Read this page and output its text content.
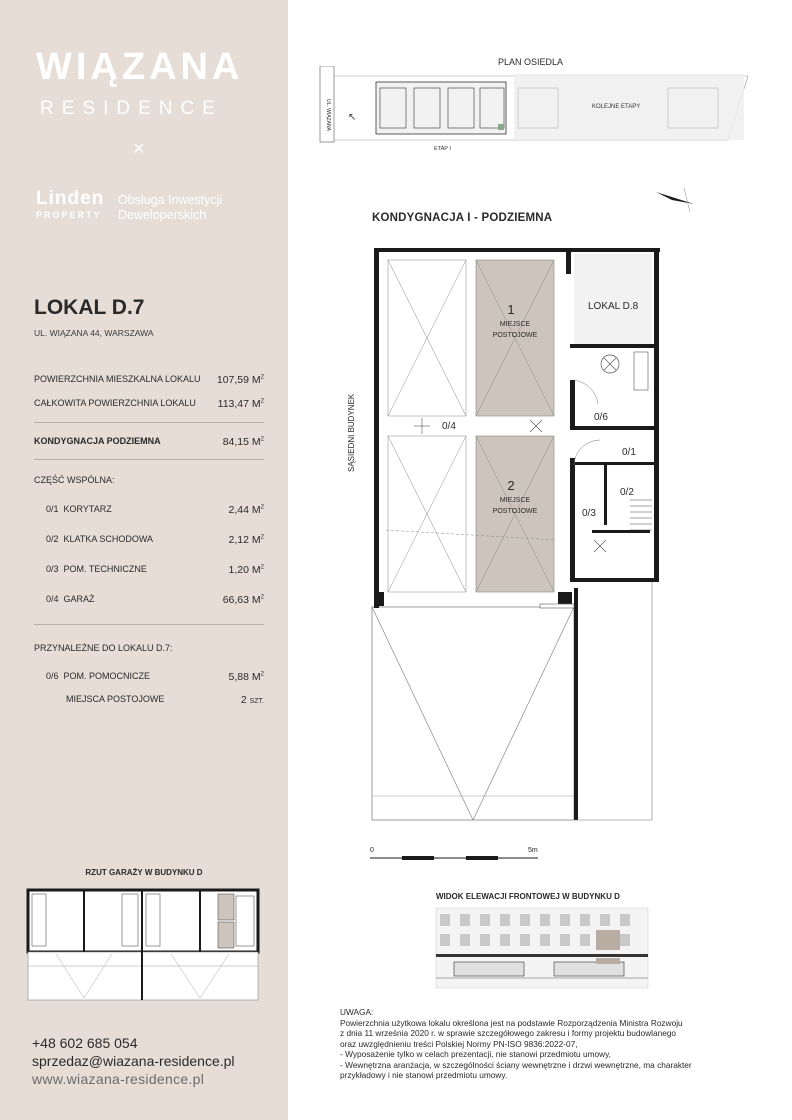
WIĄZANA
RESIDENCE
×
Linden
PROPERTY
Obsługa Inwestycji
Deweloperskich
LOKAL D.7
UL. WIĄZANA 44, WARSZAWA
POWIERZCHNIA MIESZKALNA LOKALU 107,59 $M^2$
CAŁKOWITA POWIERZCHNIA LOKALU 113,47 $M^2$
KONDYGNACJA PODZIEMNA	84,15 $M^2$
CZĘŚĆ WSPÓLNA:
0/1 KORYTARZ	2,44 $M^2$
0/2 KLATKA SCHODOWA	2,12 $M^2$
0/3 POM. TECHNICZNE	1,20 $M^2$
0/4 GARAŻ	66,63 $M^2$
PRZYNALEŻNE DO LOKALU D.7:
0/6 POM. POMOCNICZE	5,88 $M^2$
MIEJSCA POSTOJOWE	2 SZT.
RZUT GARAŻY W BUDYNKU D
+48 602 685 054
sprzedaz@wiazana-residence.pl
www.wiazana-residence.pl
PLAN OSIEDLA
UL. WIĄZANA	KOLEJNE ETAPY
ETAP I
↖
KONDYGNACJA I - PODZIEMNA
SĄSIEDNI BUDYNEK
LOKAL D.8
1
MIEJSCE
POSTOJOWE
2
MIEJSCE
POSTOJOWE
0/4
0/6
0/1
0/2
0/3
0	5m
WIDOK ELEWACJI FRONTOWEJ W BUDYNKU D
UWAGA:
Powierzchnia użytkowa lokalu określona jest na podstawie Rozporządzenia Ministra Rozwoju
z dnia 11 września 2020 r. w sprawie szczegółowego zakresu i formy projektu budowlanego
oraz uwzględnieniu treści Polskiej Normy PN-ISO 9836:2022-07,
- Wyposażenie tylko w celach prezentacji, nie stanowi przedmiotu umowy,
- Wewnętrzna aranżacja, w szczególności ściany wewnętrzne i drzwi wewnętrzne, ma charakter
przykładowy i nie stanowi przedmiotu umowy.
